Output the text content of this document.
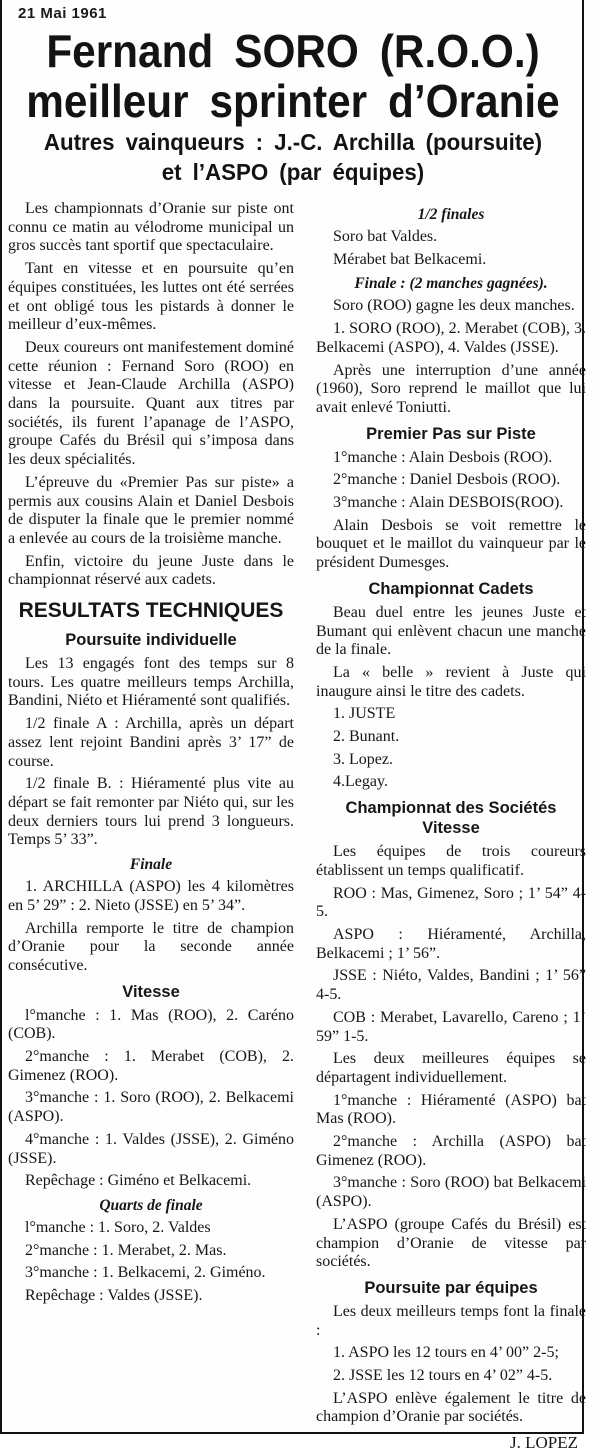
21 Mai 1961
Fernand SORO (R.O.O.)
meilleur sprinter d’Oranie
Autres vainqueurs : J.-C. Archilla (poursuite)
et l’ASPO (par équipes)
Les championnats d’Oranie sur piste ont connu ce matin au vélodrome municipal un gros succès tant sportif que spectaculaire.
Tant en vitesse et en poursuite qu’en équipes constituées, les luttes ont été serrées et ont obligé tous les pistards à donner le meilleur d’eux-mêmes.
Deux coureurs ont manifestement dominé cette réunion : Fernand Soro (ROO) en vitesse et Jean-Claude Archilla (ASPO) dans la poursuite. Quant aux titres par sociétés, ils furent l’apanage de l’ASPO, groupe Cafés du Brésil qui s’imposa dans les deux spécialités.
L’épreuve du «Premier Pas sur piste» a permis aux cousins Alain et Daniel Desbois de disputer la finale que le premier nommé a enlevée au cours de la troisième manche.
Enfin, victoire du jeune Juste dans le championnat réservé aux cadets.
RESULTATS TECHNIQUES
Poursuite individuelle
Les 13 engagés font des temps sur 8 tours. Les quatre meilleurs temps Archilla, Bandini, Niéto et Hiéramenté sont qualifiés.
1/2 finale A : Archilla, après un départ assez lent rejoint Bandini après 3’ 17” de course.
1/2 finale B. : Hiéramenté plus vite au départ se fait remonter par Niéto qui, sur les deux derniers tours lui prend 3 longueurs. Temps 5’ 33”.
Finale
1. ARCHILLA (ASPO) les 4 kilomètres en 5’ 29” : 2. Nieto (JSSE) en 5’ 34”.
Archilla remporte le titre de champion d’Oranie pour la seconde année consécutive.
Vitesse
l°manche : 1. Mas (ROO), 2. Caréno (COB).
2°manche : 1. Merabet (COB), 2. Gimenez (ROO).
3°manche : 1. Soro (ROO), 2. Belkacemi (ASPO).
4°manche : 1. Valdes (JSSE), 2. Giméno (JSSE).
Repêchage : Giméno et Belkacemi.
Quarts de finale
l°manche : 1. Soro, 2. Valdes
2°manche : 1. Merabet, 2. Mas.
3°manche : 1. Belkacemi, 2. Giméno.
Repêchage : Valdes (JSSE).
1/2 finales
Soro bat Valdes.
Mérabet bat Belkacemi.
Finale : (2 manches gagnées).
Soro (ROO) gagne les deux manches.
1. SORO (ROO), 2. Merabet (COB), 3. Belkacemi (ASPO), 4. Valdes (JSSE).
Après une interruption d’une année (1960), Soro reprend le maillot que lui avait enlevé Toniutti.
Premier Pas sur Piste
1°manche : Alain Desbois (ROO).
2°manche : Daniel Desbois (ROO).
3°manche : Alain DESBOIS(ROO).
Alain Desbois se voit remettre le bouquet et le maillot du vainqueur par le président Dumesges.
Championnat Cadets
Beau duel entre les jeunes Juste et Bumant qui enlèvent chacun une manche de la finale.
La « belle » revient à Juste qui inaugure ainsi le titre des cadets.
1. JUSTE
2. Bunant.
3. Lopez.
4.Legay.
Championnat des Sociétés Vitesse
Les équipes de trois coureurs établissent un temps qualificatif.
ROO : Mas, Gimenez, Soro ; 1’ 54” 4-5.
ASPO : Hiéramenté, Archilla, Belkacemi ; 1’ 56”.
JSSE : Niéto, Valdes, Bandini ; 1’ 56” 4-5.
COB : Merabet, Lavarello, Careno ; 1’ 59” 1-5.
Les deux meilleures équipes se départagent individuellement.
1°manche : Hiéramenté (ASPO) bat Mas (ROO).
2°manche : Archilla (ASPO) bat Gimenez (ROO).
3°manche : Soro (ROO) bat Belkacemi (ASPO).
L’ASPO (groupe Cafés du Brésil) est champion d’Oranie de vitesse par sociétés.
Poursuite par équipes
Les deux meilleurs temps font la finale :
1. ASPO les 12 tours en 4’ 00” 2-5;
2. JSSE les 12 tours en 4’ 02” 4-5.
L’ASPO enlève également le titre de champion d’Oranie par sociétés.
J. LOPEZ
